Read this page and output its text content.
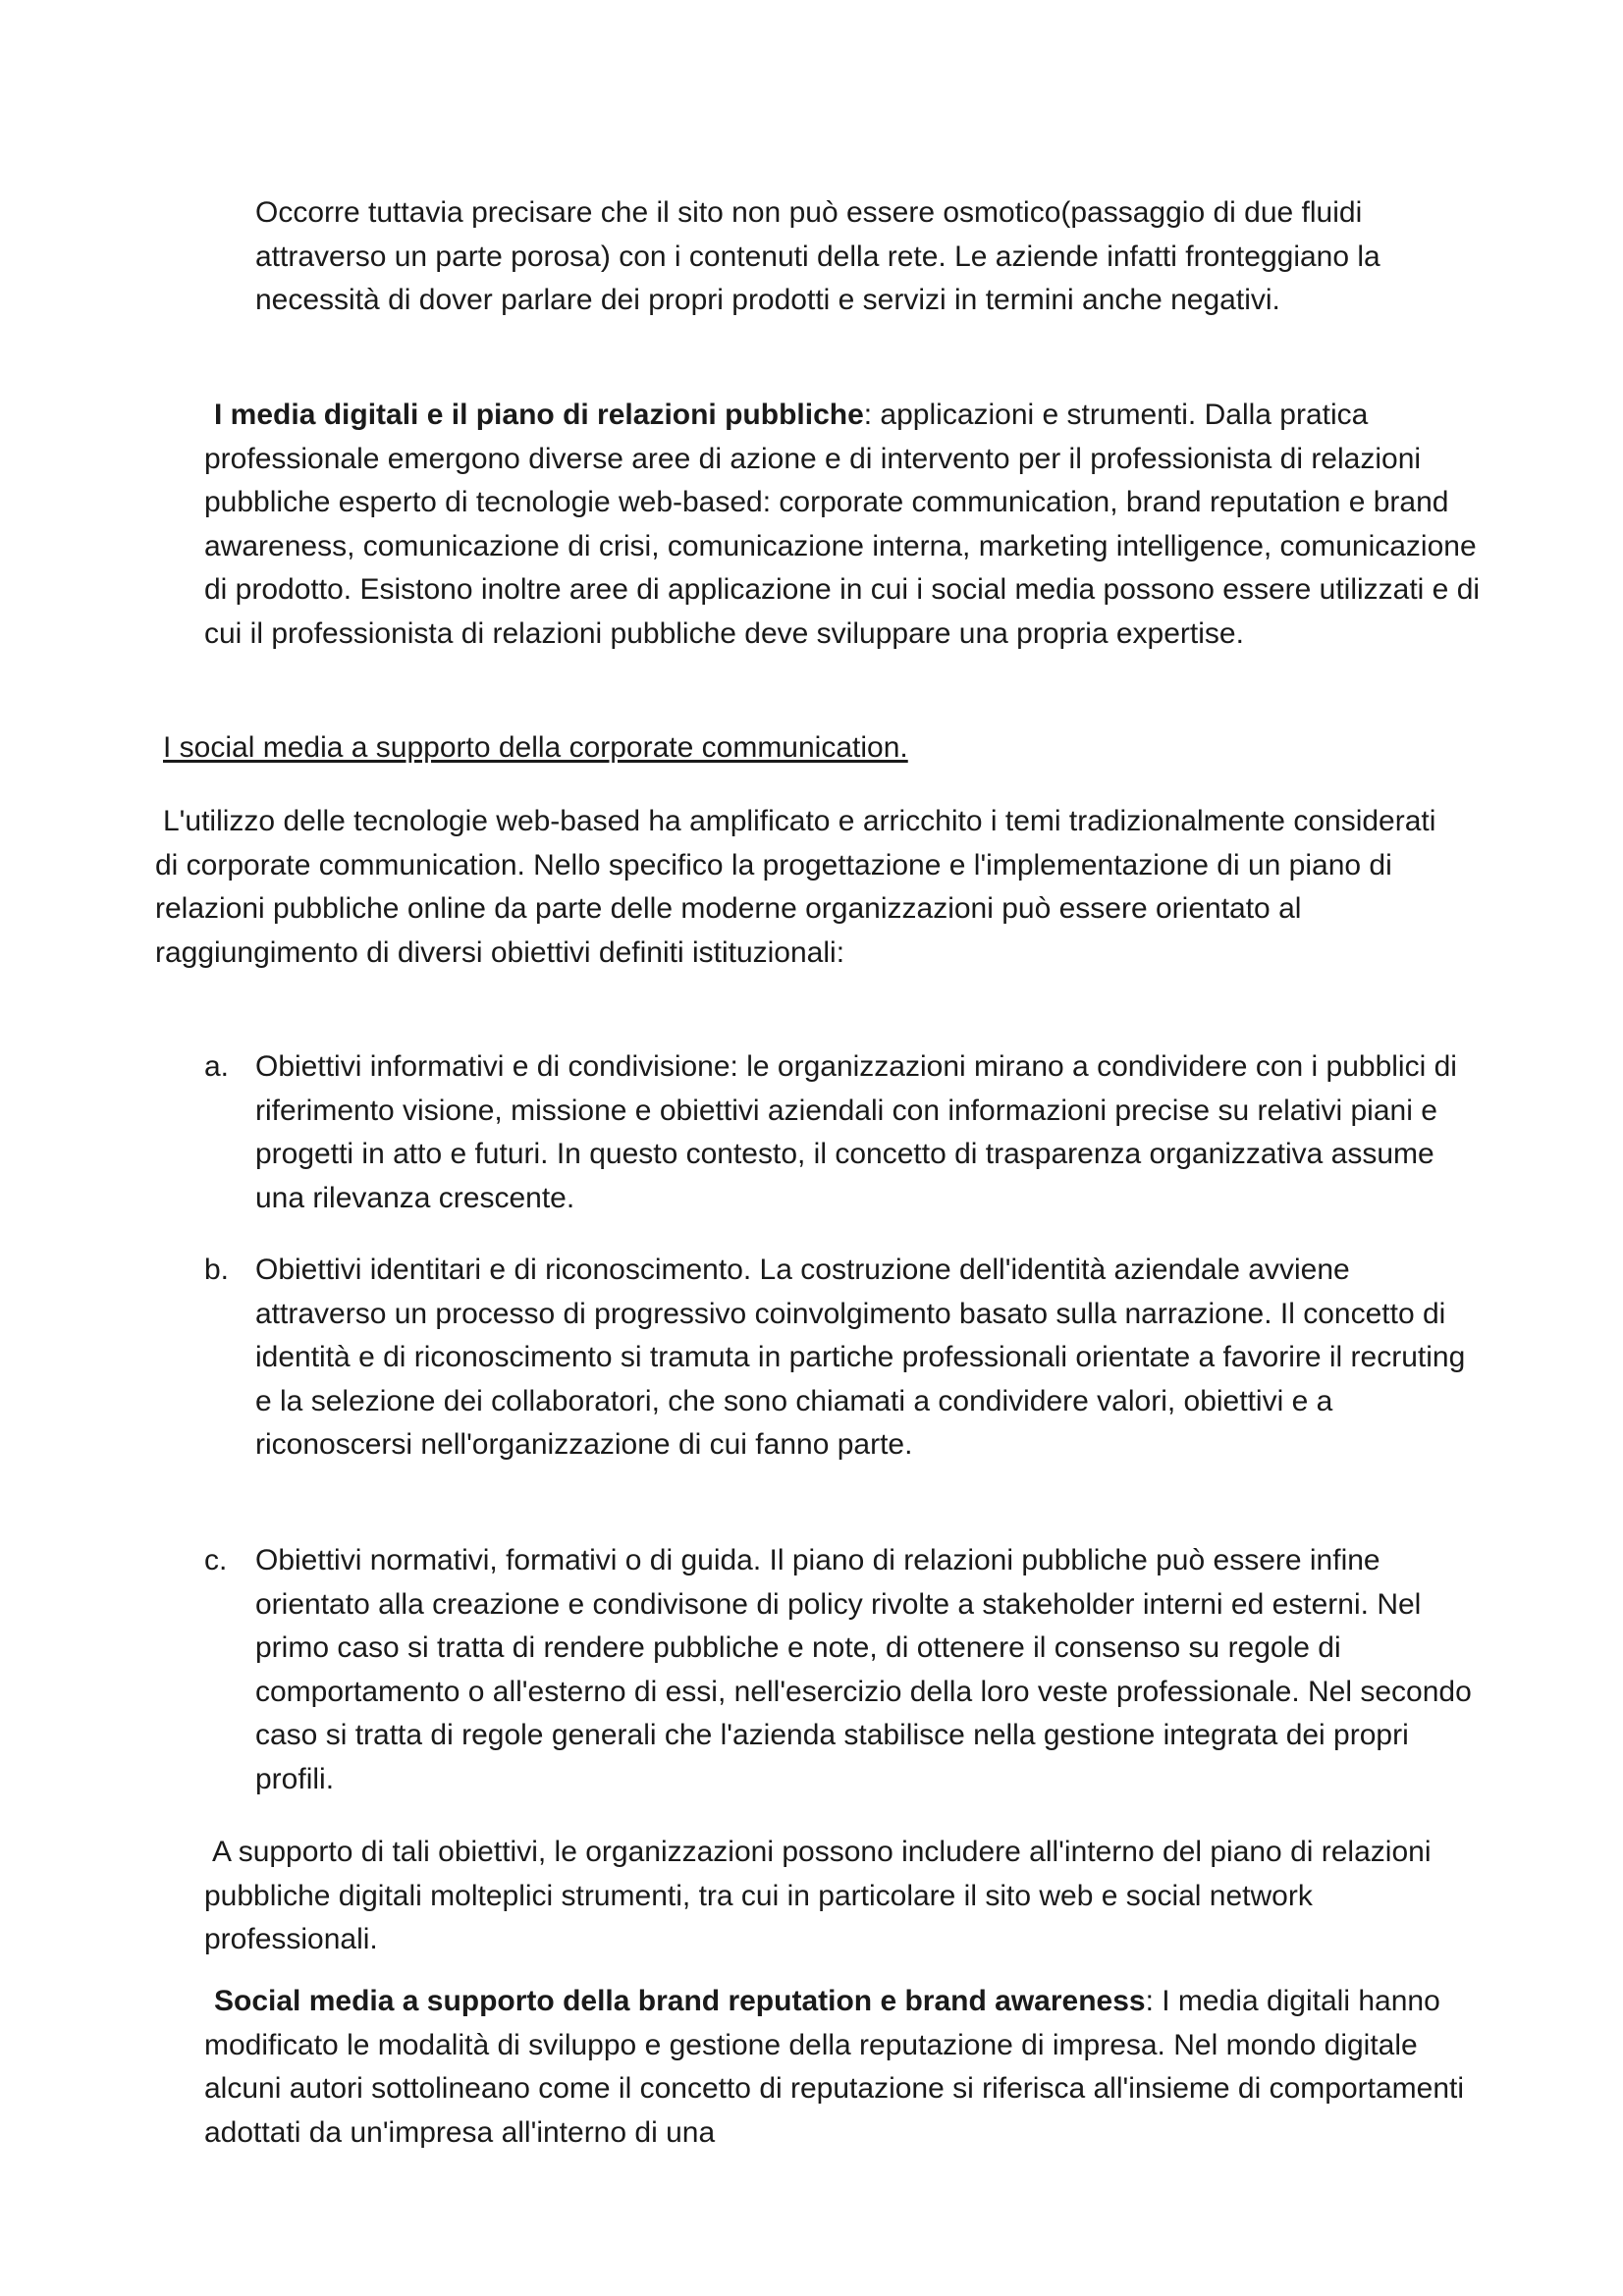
Occorre tuttavia precisare che il sito non può essere osmotico(passaggio di due fluidi attraverso un parte porosa) con i contenuti della rete. Le aziende infatti fronteggiano la necessità di dover parlare dei propri prodotti e servizi in termini anche negativi.

I media digitali e il piano di relazioni pubbliche: applicazioni e strumenti. Dalla pratica professionale emergono diverse aree di azione e di intervento per il professionista di relazioni pubbliche esperto di tecnologie web-based: corporate communication, brand reputation e brand awareness, comunicazione di crisi, comunicazione interna, marketing intelligence, comunicazione di prodotto. Esistono inoltre aree di applicazione in cui i social media possono essere utilizzati e di cui il professionista di relazioni pubbliche deve sviluppare una propria expertise.

I social media a supporto della corporate communication.

L'utilizzo delle tecnologie web-based ha amplificato e arricchito i temi tradizionalmente considerati di corporate communication. Nello specifico la progettazione e l'implementazione di un piano di relazioni pubbliche online da parte delle moderne organizzazioni può essere orientato al raggiungimento di diversi obiettivi definiti istituzionali:

a. Obiettivi informativi e di condivisione: le organizzazioni mirano a condividere con i pubblici di riferimento visione, missione e obiettivi aziendali con informazioni precise su relativi piani e progetti in atto e futuri. In questo contesto, il concetto di trasparenza organizzativa assume una rilevanza crescente.
b. Obiettivi identitari e di riconoscimento. La costruzione dell'identità aziendale avviene attraverso un processo di progressivo coinvolgimento basato sulla narrazione. Il concetto di identità e di riconoscimento si tramuta in partiche professionali orientate a favorire il recruting e la selezione dei collaboratori, che sono chiamati a condividere valori, obiettivi e a riconoscersi nell'organizzazione di cui fanno parte.
c. Obiettivi normativi, formativi o di guida. Il piano di relazioni pubbliche può essere infine orientato alla creazione e condivisone di policy rivolte a stakeholder interni ed esterni. Nel primo caso si tratta di rendere pubbliche e note, di ottenere il consenso su regole di comportamento o all'esterno di essi, nell'esercizio della loro veste professionale. Nel secondo caso si tratta di regole generali che l'azienda stabilisce nella gestione integrata dei propri profili.

A supporto di tali obiettivi, le organizzazioni possono includere all'interno del piano di relazioni pubbliche digitali molteplici strumenti, tra cui in particolare il sito web e social network professionali.

Social media a supporto della brand reputation e brand awareness: I media digitali hanno modificato le modalità di sviluppo e gestione della reputazione di impresa. Nel mondo digitale alcuni autori sottolineano come il concetto di reputazione si riferisca all'insieme di comportamenti adottati da un'impresa all'interno di una
